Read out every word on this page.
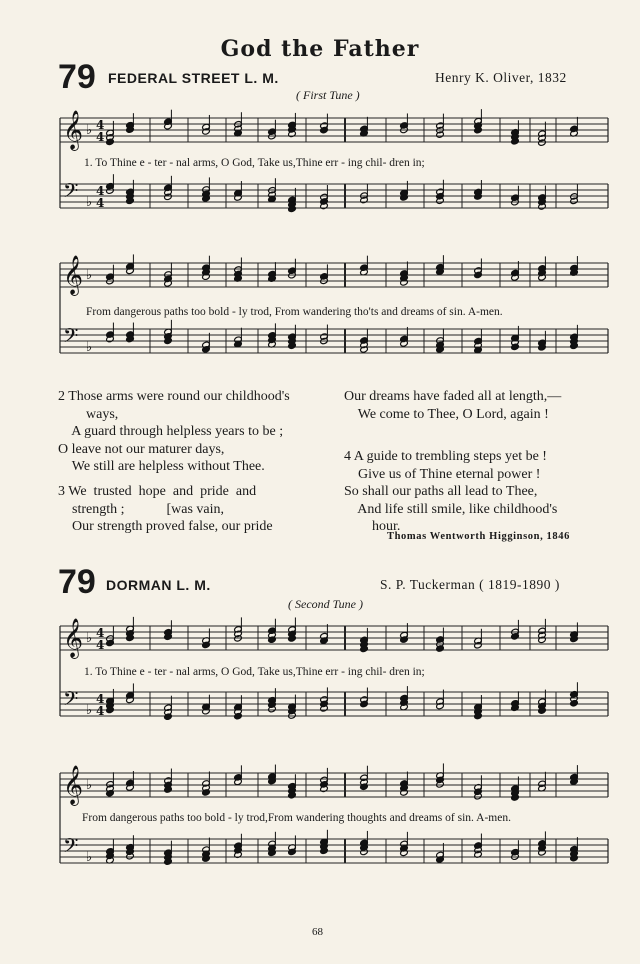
God the Father
79 FEDERAL STREET L. M.	Henry K. Oliver, 1832
( First Tune )
𝄞 ♭ 4
4
𝄢 ♭
4
4
1. To Thine e - ter - nal arms, O God, Take us,Thine err - ing chil- dren in;
𝄞 ♭
𝄢 ♭
From dangerous paths too bold - ly trod, From wandering tho'ts and dreams of sin. A-men.
2 Those arms were round our childhood's
ways,
A guard through helpless years to be ;
O leave not our maturer days,
We still are helpless without Thee.
3 We  trusted  hope  and  pride  and
strength ;            [was vain,
Our strength proved false, our pride
Our dreams have faded all at length,—
We come to Thee, O Lord, again !
4 A guide to trembling steps yet be !
Give us of Thine eternal power !
So shall our paths all lead to Thee,
And life still smile, like childhood's
hour.
Thomas Wentworth Higginson, 1846
79 DORMAN L. M.	S. P. Tuckerman ( 1819-1890 )
( Second Tune )
𝄞 ♭ 4
4
𝄢 ♭
4
4
1. To Thine e - ter - nal arms, O God, Take us,Thine err - ing chil- dren in;
𝄞 ♭
𝄢 ♭
From dangerous paths too bold - ly trod,From wandering thoughts and dreams of sin. A-men.
68
